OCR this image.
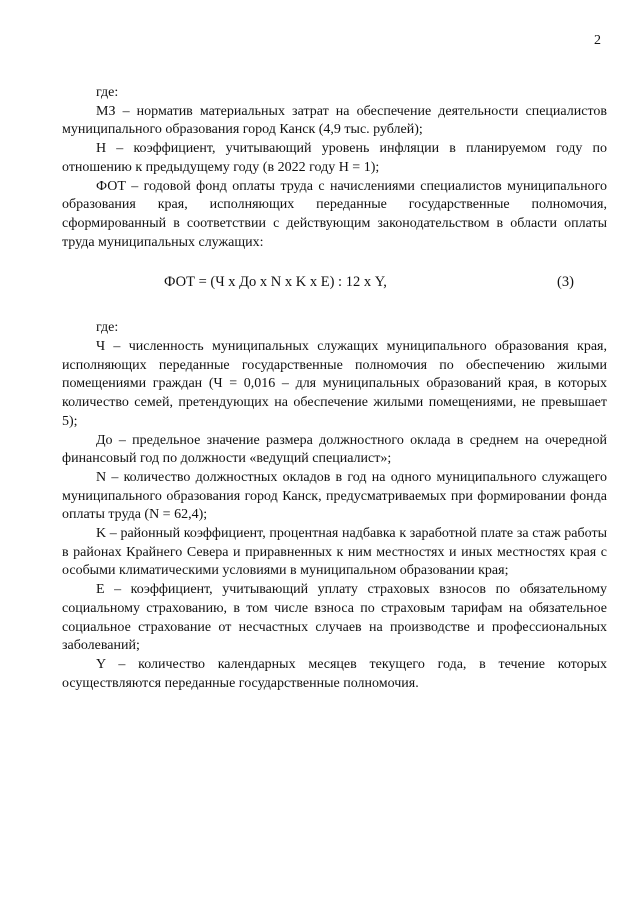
2

где:

МЗ – норматив материальных затрат на обеспечение деятельности специалистов муниципального образования город Канск (4,9 тыс. рублей);

Н – коэффициент, учитывающий уровень инфляции в планируемом году по отношению к предыдущему году (в 2022 году Н = 1);

ФОТ – годовой фонд оплаты труда с начислениями специалистов муниципального образования края, исполняющих переданные государственные полномочия, сформированный в соответствии с действующим законодательством в области оплаты труда муниципальных служащих:

ФОТ = (Ч х До х N x K x E) : 12 х Y,	(3)

где:

Ч – численность муниципальных служащих муниципального образования края, исполняющих переданные государственные полномочия по обеспечению жилыми помещениями граждан (Ч = 0,016 – для муниципальных образований края, в которых количество семей, претендующих на обеспечение жилыми помещениями, не превышает 5);

До – предельное значение размера должностного оклада в среднем на очередной финансовый год по должности «ведущий специалист»;

N – количество должностных окладов в год на одного муниципального служащего муниципального образования город Канск, предусматриваемых при формировании фонда оплаты труда (N = 62,4);

K – районный коэффициент, процентная надбавка к заработной плате за стаж работы в районах Крайнего Севера и приравненных к ним местностях и иных местностях края с особыми климатическими условиями в муниципальном образовании края;

E – коэффициент, учитывающий уплату страховых взносов по обязательному социальному страхованию, в том числе взноса по страховым тарифам на обязательное социальное страхование от несчастных случаев на производстве и профессиональных заболеваний;

Y – количество календарных месяцев текущего года, в течение которых осуществляются переданные государственные полномочия.
